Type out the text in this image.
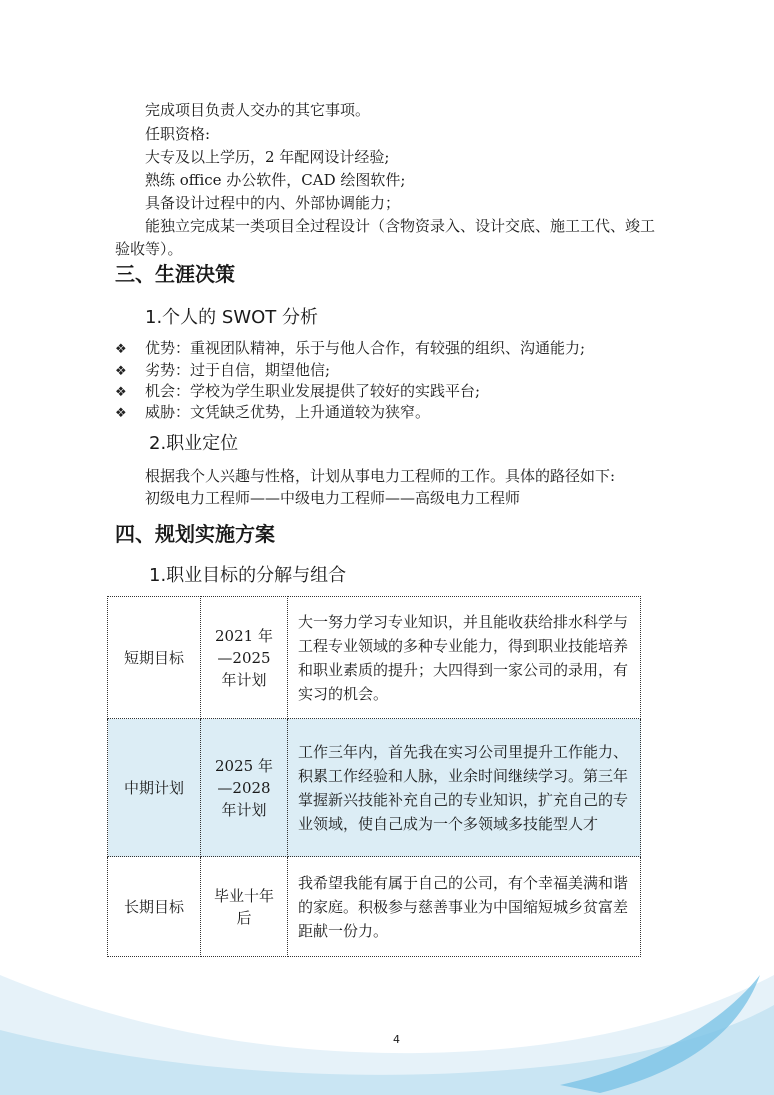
完成项目负责人交办的其它事项。
任职资格:
大专及以上学历，2 年配网设计经验;
熟练 office 办公软件，CAD 绘图软件;
具备设计过程中的内、外部协调能力；
能独立完成某一类项目全过程设计（含物资录入、设计交底、施工工代、竣工
验收等）。
三、生涯决策
1.个人的 SWOT 分析
❖ 优势：重视团队精神，乐于与他人合作，有较强的组织、沟通能力;
❖ 劣势：过于自信，期望他信;
❖ 机会：学校为学生职业发展提供了较好的实践平台;
❖ 威胁：文凭缺乏优势，上升通道较为狭窄。
2.职业定位
根据我个人兴趣与性格，计划从事电力工程师的工作。具体的路径如下:
初级电力工程师——中级电力工程师——高级电力工程师
四、规划实施方案
1.职业目标的分解与组合
短期目标	2021 年—2025 年计划	大一努力学习专业知识，并且能收获给排水科学与
工程专业领域的多种专业能力，得到职业技能培养
和职业素质的提升；大四得到一家公司的录用，有
实习的机会。

中期计划	2025 年—2028 年计划	工作三年内，首先我在实习公司里提升工作能力、
积累工作经验和人脉，业余时间继续学习。第三年
掌握新兴技能补充自己的专业知识，扩充自己的专
业领域，使自己成为一个多领域多技能型人才

长期目标	毕业十年后	我希望我能有属于自己的公司，有个幸福美满和谐
的家庭。积极参与慈善事业为中国缩短城乡贫富差
距献一份力。
4
